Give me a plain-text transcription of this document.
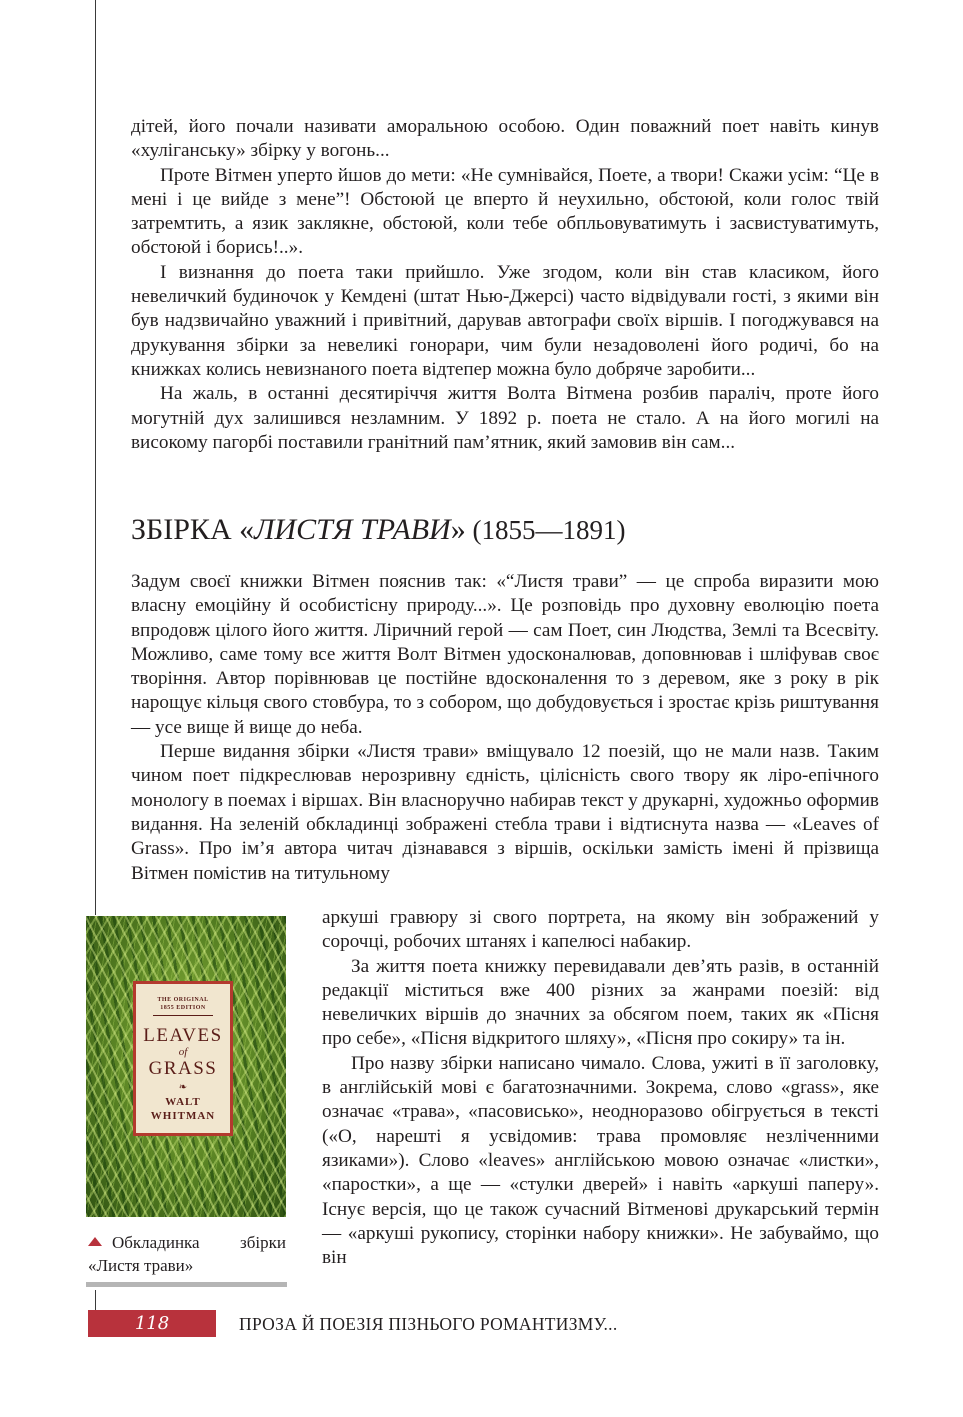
дітей, його почали називати аморальною особою. Один поважний поет навіть кинув «хуліганську» збірку у вогонь...

Проте Вітмен уперто йшов до мети: «Не сумнівайся, Поете, а твори! Скажи усім: “Це в мені і це вийде з мене”! Обстоюй це вперто й неухильно, обстоюй, коли голос твій затремтить, а язик заклякне, обстоюй, коли тебе обпльовуватимуть і засвистуватимуть, обстоюй і борись!..».

І визнання до поета таки прийшло. Уже згодом, коли він став класиком, його невеличкий будиночок у Кемдені (штат Нью-Джерсі) часто відвідували гості, з якими він був надзвичайно уважний і привітний, дарував автографи своїх віршів. І погоджувався на друкування збірки за невеликі гонорари, чим були незадоволені його родичі, бо на книжках колись невизнаного поета відтепер можна було добряче заробити...

На жаль, в останні десятиріччя життя Волта Вітмена розбив параліч, проте його могутній дух залишився незламним. У 1892 р. поета не стало. А на його могилі на високому пагорбі поставили гранітний пам’ятник, який замовив він сам...

ЗБІРКА «ЛИСТЯ ТРАВИ» (1855—1891)

Задум своєї книжки Вітмен пояснив так: «“Листя трави” — це спроба виразити мою власну емоційну й особистісну природу...». Це розповідь про духовну еволюцію поета впродовж цілого його життя. Ліричний герой — сам Поет, син Людства, Землі та Всесвіту. Можливо, саме тому все життя Волт Вітмен удосконалював, доповнював і шліфував своє творіння. Автор порівнював це постійне вдосконалення то з деревом, яке з року в рік нарощує кільця свого стовбура, то з собором, що добудовується і зростає крізь риштування — усе вище й вище до неба.

Перше видання збірки «Листя трави» вміщувало 12 поезій, що не мали назв. Таким чином поет підкреслював нерозривну єдність, цілісність свого твору як ліро-епічного монологу в поемах і віршах. Він власноручно набирав текст у друкарні, художньо оформив видання. На зеленій обкладинці зображені стебла трави і відтиснута назва — «Leaves of Grass». Про ім’я автора читач дізнавався з віршів, оскільки замість імені й прізвища Вітмен помістив на титульному

аркуші гравюру зі свого портрета, на якому він зображений у сорочці, робочих штанях і капелюсі набакир.

За життя поета книжку перевидавали дев’ять разів, в останній редакції міститься вже 400 різних за жанрами поезій: від невеличких віршів до значних за обсягом поем, таких як «Пісня про себе», «Пісня відкритого шляху», «Пісня про сокиру» та ін.

Про назву збірки написано чимало. Слова, ужиті в її заголовку, в англійській мові є багатозначними. Зокрема, слово «grass», яке означає «трава», «пасовисько», неодноразово обігрується в тексті («О, нарешті я усвідомив: трава промовляє незліченними язиками»). Слово «leaves» англійською мовою означає «листки», «паростки», а ще — «стулки дверей» і навіть «аркуші паперу». Існує версія, що це також сучасний Вітменові друкарський термін — «аркуші рукопису, сторінки набору книжки». Не забуваймо, що він

THE ORIGINAL
1855 EDITION
LEAVES
of
GRASS
❧
WALT
WHITMAN
Обкладинка збірки
«Листя трави»
118	ПРОЗА Й ПОЕЗІЯ ПІЗНЬОГО РОМАНТИЗМУ...
